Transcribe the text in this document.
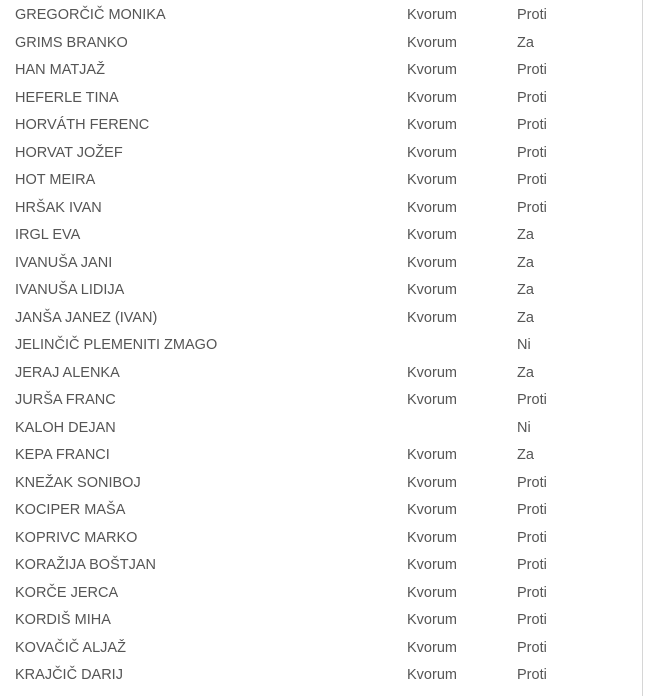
GREGORČIČ MONIKA	Kvorum	Proti
GRIMS BRANKO	Kvorum	Za
HAN MATJAŽ	Kvorum	Proti
HEFERLE TINA	Kvorum	Proti
HORVÁTH FERENC	Kvorum	Proti
HORVAT JOŽEF	Kvorum	Proti
HOT MEIRA	Kvorum	Proti
HRŠAK IVAN	Kvorum	Proti
IRGL EVA	Kvorum	Za
IVANUŠA JANI	Kvorum	Za
IVANUŠA LIDIJA	Kvorum	Za
JANŠA JANEZ (IVAN)	Kvorum	Za
JELINČIČ PLEMENITI ZMAGO		Ni
JERAJ ALENKA	Kvorum	Za
JURŠA FRANC	Kvorum	Proti
KALOH DEJAN		Ni
KEPA FRANCI	Kvorum	Za
KNEŽAK SONIBOJ	Kvorum	Proti
KOCIPER MAŠA	Kvorum	Proti
KOPRIVC MARKO	Kvorum	Proti
KORAŽIJA BOŠTJAN	Kvorum	Proti
KORČE JERCA	Kvorum	Proti
KORDIŠ MIHA	Kvorum	Proti
KOVAČIČ ALJAŽ	Kvorum	Proti
KRAJČIČ DARIJ	Kvorum	Proti
